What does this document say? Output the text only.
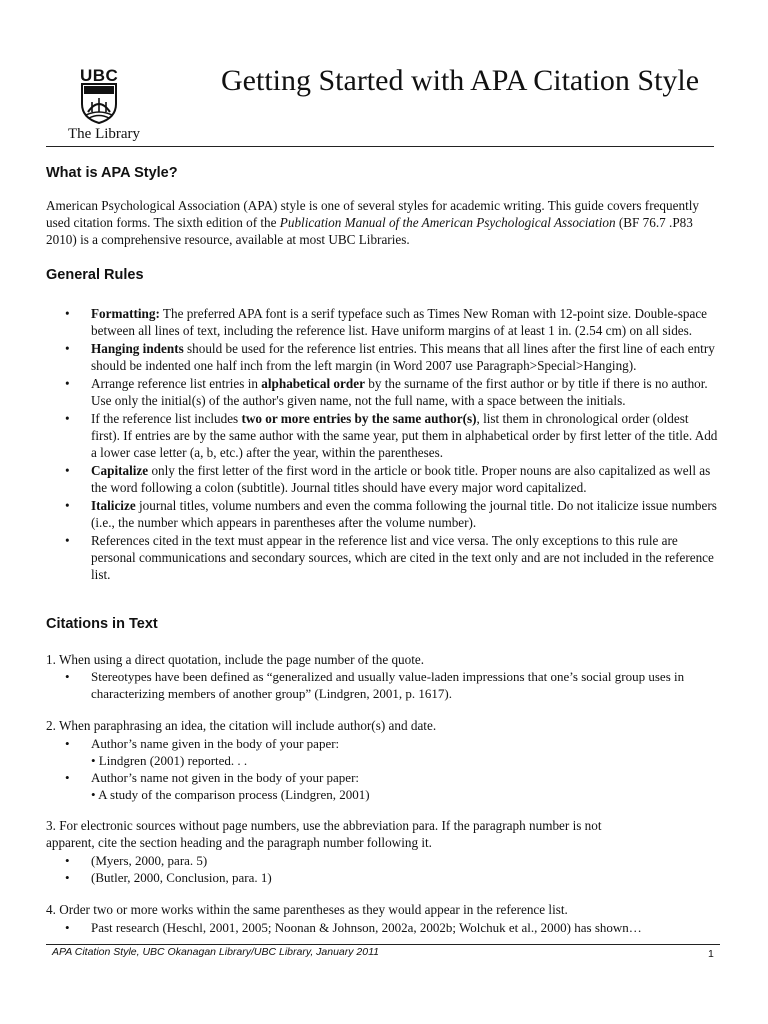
UBC
The Library
Getting Started with APA Citation Style
What is APA Style?
American Psychological Association (APA) style is one of several styles for academic writing. This guide covers frequently used citation forms. The sixth edition of the Publication Manual of the American Psychological Association (BF 76.7 .P83 2010) is a comprehensive resource, available at most UBC Libraries.
General Rules
• Formatting: The preferred APA font is a serif typeface such as Times New Roman with 12-point size. Double-space between all lines of text, including the reference list. Have uniform margins of at least 1 in. (2.54 cm) on all sides.
• Hanging indents should be used for the reference list entries. This means that all lines after the first line of each entry should be indented one half inch from the left margin (in Word 2007 use Paragraph>Special>Hanging).
• Arrange reference list entries in alphabetical order by the surname of the first author or by title if there is no author. Use only the initial(s) of the author's given name, not the full name, with a space between the initials.
• If the reference list includes two or more entries by the same author(s), list them in chronological order (oldest first). If entries are by the same author with the same year, put them in alphabetical order by first letter of the title. Add a lower case letter (a, b, etc.) after the year, within the parentheses.
• Capitalize only the first letter of the first word in the article or book title. Proper nouns are also capitalized as well as the word following a colon (subtitle). Journal titles should have every major word capitalized.
• Italicize journal titles, volume numbers and even the comma following the journal title. Do not italicize issue numbers (i.e., the number which appears in parentheses after the volume number).
• References cited in the text must appear in the reference list and vice versa. The only exceptions to this rule are personal communications and secondary sources, which are cited in the text only and are not included in the reference list.
Citations in Text
1. When using a direct quotation, include the page number of the quote.
• Stereotypes have been defined as “generalized and usually value-laden impressions that one’s social group uses in characterizing members of another group” (Lindgren, 2001, p. 1617).
2. When paraphrasing an idea, the citation will include author(s) and date.
• Author’s name given in the body of your paper:
• Lindgren (2001) reported. . .
• Author’s name not given in the body of your paper:
• A study of the comparison process (Lindgren, 2001)
3. For electronic sources without page numbers, use the abbreviation para. If the paragraph number is not
apparent, cite the section heading and the paragraph number following it.
• (Myers, 2000, para. 5)
• (Butler, 2000, Conclusion, para. 1)
4. Order two or more works within the same parentheses as they would appear in the reference list.
• Past research (Heschl, 2001, 2005; Noonan & Johnson, 2002a, 2002b; Wolchuk et al., 2000) has shown…
APA Citation Style, UBC Okanagan Library/UBC Library, January 2011	1
